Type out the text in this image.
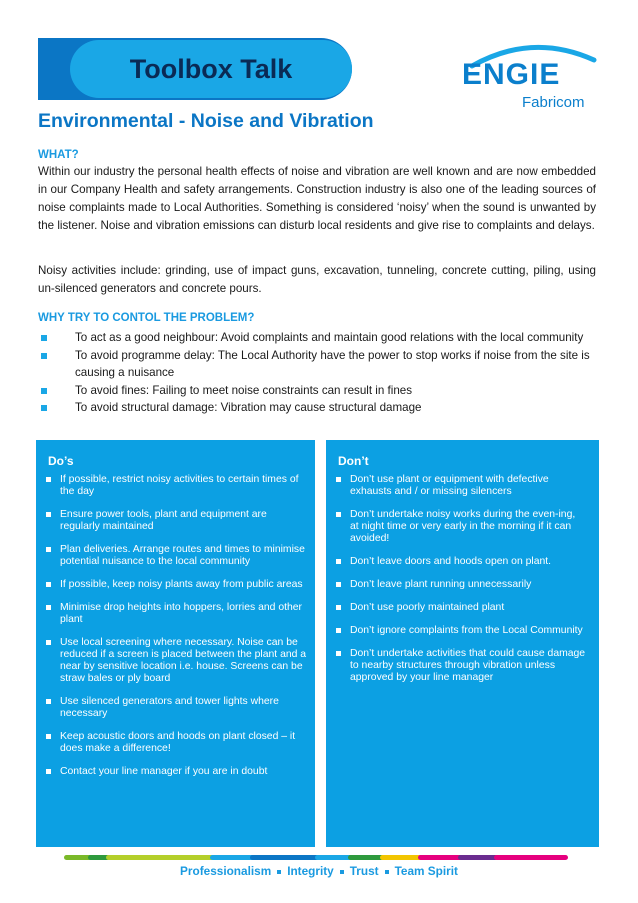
Toolbox Talk	ENGIE
Fabricom
Environmental - Noise and Vibration
WHAT?

Within our industry the personal health effects of noise and vibration are well known and are now embedded in our Company Health and safety arrangements. Construction industry is also one of the leading sources of noise complaints made to Local Authorities. Something is considered ‘noisy’ when the sound is unwanted by the listener. Noise and vibration emissions can disturb local residents and give rise to complaints and delays.

Noisy activities include: grinding, use of impact guns, excavation, tunneling, concrete cutting, piling, using un-silenced generators and concrete pours.

WHY TRY TO CONTOL THE PROBLEM?
To act as a good neighbour: Avoid complaints and maintain good relations with the local community
To avoid programme delay: The Local Authority have the power to stop works if noise from the site is causing a nuisance
To avoid fines: Failing to meet noise constraints can result in fines
To avoid structural damage: Vibration may cause structural damage
Do’s
If possible, restrict noisy activities to certain times of the day
Ensure power tools, plant and equipment are regularly maintained
Plan deliveries. Arrange routes and times to minimise potential nuisance to the local community
If possible, keep noisy plants away from public areas
Minimise drop heights into hoppers, lorries and other plant
Use local screening where necessary. Noise can be reduced if a screen is placed between the plant and a near by sensitive location i.e. house. Screens can be straw bales or ply board
Use silenced generators and tower lights where necessary
Keep acoustic doors and hoods on plant closed – it does make a difference!
Contact your line manager if you are in doubt
Don’t
Don’t use plant or equipment with defective exhausts and / or missing silencers
Don’t undertake noisy works during the even-ing, at night time or very early in the morning if it can avoided!
Don’t leave doors and hoods open on plant.
Don’t leave plant running unnecessarily
Don’t use poorly maintained plant
Don’t ignore complaints from the Local Community
Don’t undertake activities that could cause damage to nearby structures through vibration unless approved by your line manager
Professionalism Integrity Trust Team Spirit
